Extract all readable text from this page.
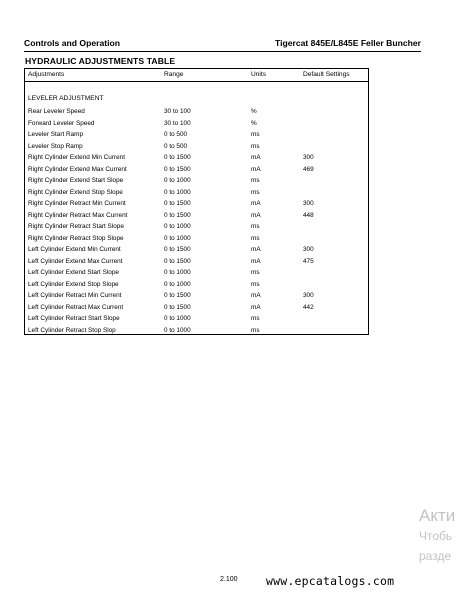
Controls and Operation	Tigercat 845E/L845E Feller Buncher
HYDRAULIC ADJUSTMENTS TABLE
Adjustments	Range	Units	Default Settings
LEVELER ADJUSTMENT
Rear Leveler Speed	30 to 100	%
Forward Leveler Speed	30 to 100	%
Leveler Start Ramp	0 to 500	ms
Leveler Stop Ramp	0 to 500	ms
Right Cylinder Extend Min Current	0 to 1500	mA	300
Right Cylinder Extend Max Current	0 to 1500	mA	469
Right Cylinder Extend Start Slope	0 to 1000	ms
Right Cylinder Extend Stop Slope	0 to 1000	ms
Right Cylinder Retract Min Current	0 to 1500	mA	300
Right Cylinder Retract Max Current	0 to 1500	mA	448
Right Cylinder Retract Start Slope	0 to 1000	ms
Right Cylinder Retract Stop Slope	0 to 1000	ms
Left Cylinder Extend Min Current	0 to 1500	mA	300
Left Cylinder Extend Max Current	0 to 1500	mA	475
Left Cylinder Extend Start Slope	0 to 1000	ms
Left Cylinder Extend Stop Slope	0 to 1000	ms
Left Cylinder Retract Min Current	0 to 1500	mA	300
Left Cylinder Retract Max Current	0 to 1500	mA	442
Left Cylinder Retract Start Slope	0 to 1000	ms
Left Cylinder Retract Stop Slop	0 to 1000	ms
2.100 www.epcatalogs.com
Акти
Чтобь
разде
